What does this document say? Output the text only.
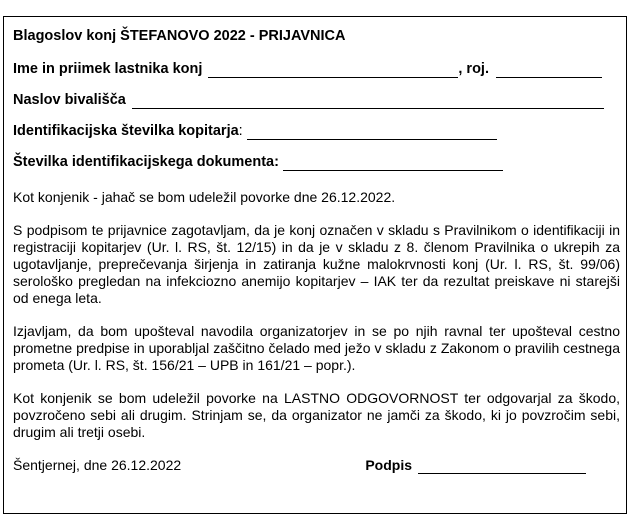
Blagoslov konj ŠTEFANOVO 2022 - PRIJAVNICA
Ime in priimek lastnika konj	, roj.
Naslov bivališča
Identifikacijska številka kopitarja :
Številka identifikacijskega dokumenta:

Kot konjenik - jahač se bom udeležil povorke dne 26.12.2022.

S podpisom te prijavnice zagotavljam, da je konj označen v skladu s Pravilnikom o identifikaciji in registraciji kopitarjev (Ur. l. RS, št. 12/15) in da je v skladu z 8. členom Pravilnika o ukrepih za ugotavljanje, preprečevanja širjenja in zatiranja kužne malokrvnosti konj (Ur. l. RS, št. 99/06) serološko pregledan na infekciozno anemijo kopitarjev – IAK ter da rezultat preiskave ni starejši od enega leta.

Izjavljam, da bom upošteval navodila organizatorjev in se po njih ravnal ter upošteval cestno prometne predpise in uporabljal zaščitno čelado med ježo v skladu z Zakonom o pravilih cestnega prometa (Ur. l. RS, št. 156/21 – UPB in 161/21 – popr.).

Kot konjenik se bom udeležil povorke na LASTNO ODGOVORNOST ter odgovarjal za škodo, povzročeno sebi ali drugim. Strinjam se, da organizator ne jamči za škodo, ki jo povzročim sebi, drugim ali tretji osebi.

Šentjernej, dne 26.12.2022	Podpis
